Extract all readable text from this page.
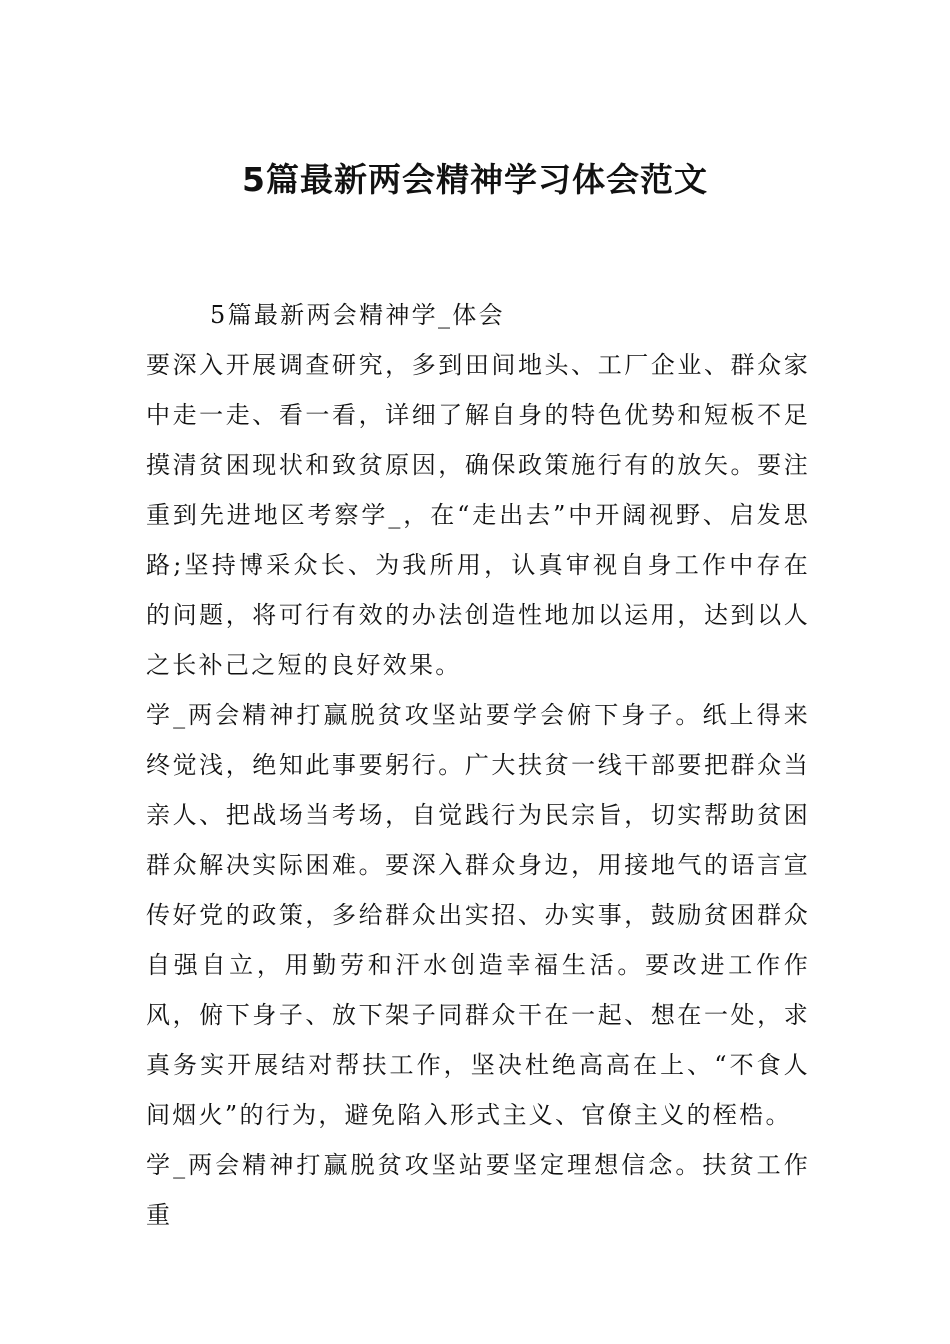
5篇最新两会精神学习体会范文

5篇最新两会精神学_体会

要深入开展调查研究，多到田间地头、工厂企业、群众家中走一走、看一看，详细了解自身的特色优势和短板不足摸清贫困现状和致贫原因，确保政策施行有的放矢。要注重到先进地区考察学_，在“走出去”中开阔视野、启发思路;坚持博采众长、为我所用，认真审视自身工作中存在的问题，将可行有效的办法创造性地加以运用，达到以人之长补己之短的良好效果。

学_两会精神打赢脱贫攻坚站要学会俯下身子。纸上得来终觉浅，绝知此事要躬行。广大扶贫一线干部要把群众当亲人、把战场当考场，自觉践行为民宗旨，切实帮助贫困群众解决实际困难。要深入群众身边，用接地气的语言宣传好党的政策，多给群众出实招、办实事，鼓励贫困群众自强自立，用勤劳和汗水创造幸福生活。要改进工作作风，俯下身子、放下架子同群众干在一起、想在一处，求真务实开展结对帮扶工作，坚决杜绝高高在上、“不食人间烟火”的行为，避免陷入形式主义、官僚主义的桎梏。

学_两会精神打赢脱贫攻坚站要坚定理想信念。扶贫工作重
